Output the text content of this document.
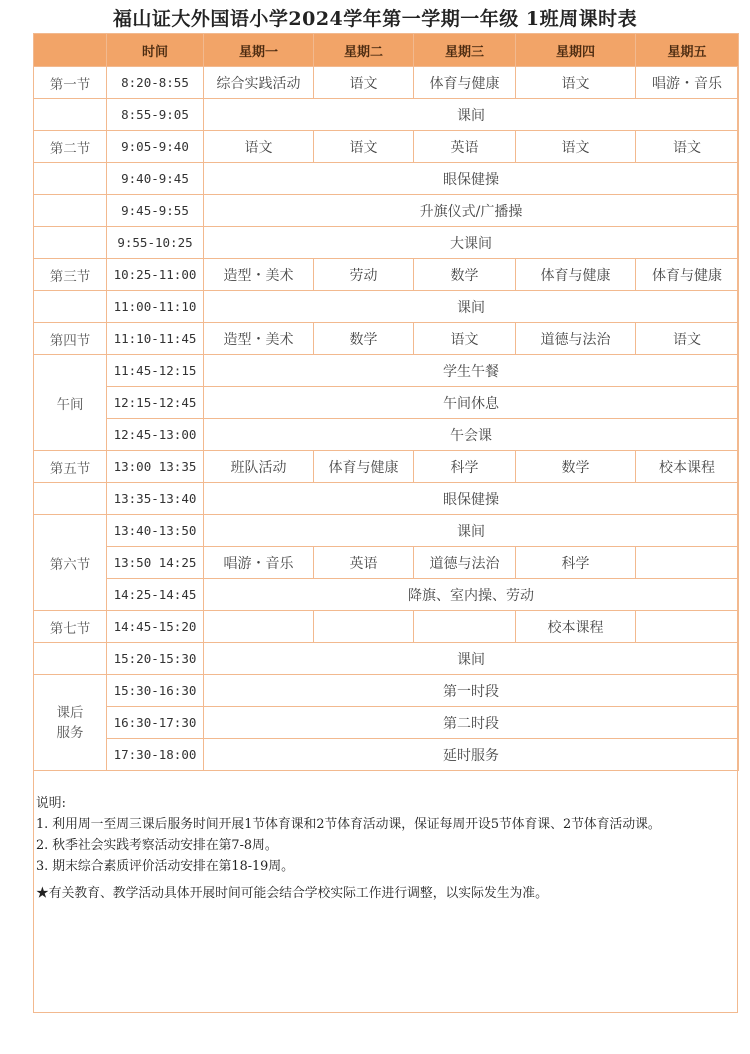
福山证大外国语小学2024学年第一学期一年级 1班周课时表
	时间	星期一	星期二	星期三	星期四	星期五
第一节	8:20-8:55	综合实践活动	语文	体育与健康	语文	唱游・音乐
	8:55-9:05	课间				
第二节	9:05-9:40	语文	语文	英语	语文	语文
	9:40-9:45	眼保健操				
	9:45-9:55	升旗仪式/广播操				
	9:55-10:25	大课间				
第三节	10:25-11:00	造型・美术	劳动	数学	体育与健康	体育与健康
	11:00-11:10	课间				
第四节	11:10-11:45	造型・美术	数学	语文	道德与法治	语文
午间	11:45-12:15	学生午餐				
	12:15-12:45	午间休息				
	12:45-13:00	午会课				
第五节	13:00 13:35	班队活动	体育与健康	科学	数学	校本课程
	13:35-13:40	眼保健操				
第六节	13:40-13:50	课间				
	13:50 14:25	唱游・音乐	英语	道德与法治	科学	
	14:25-14:45	降旗、室内操、劳动				
第七节	14:45-15:20				校本课程	
	15:20-15:30	课间				
课后
服务	15:30-16:30	第一时段				
	16:30-17:30	第二时段				
	17:30-18:00	延时服务				

说明:

1. 利用周一至周三课后服务时间开展1节体育课和2节体育活动课，保证每周开设5节体育课、2节体育活动课。

2. 秋季社会实践考察活动安排在第7-8周。

3. 期末综合素质评价活动安排在第18-19周。

★有关教育、教学活动具体开展时间可能会结合学校实际工作进行调整，以实际发生为准。
